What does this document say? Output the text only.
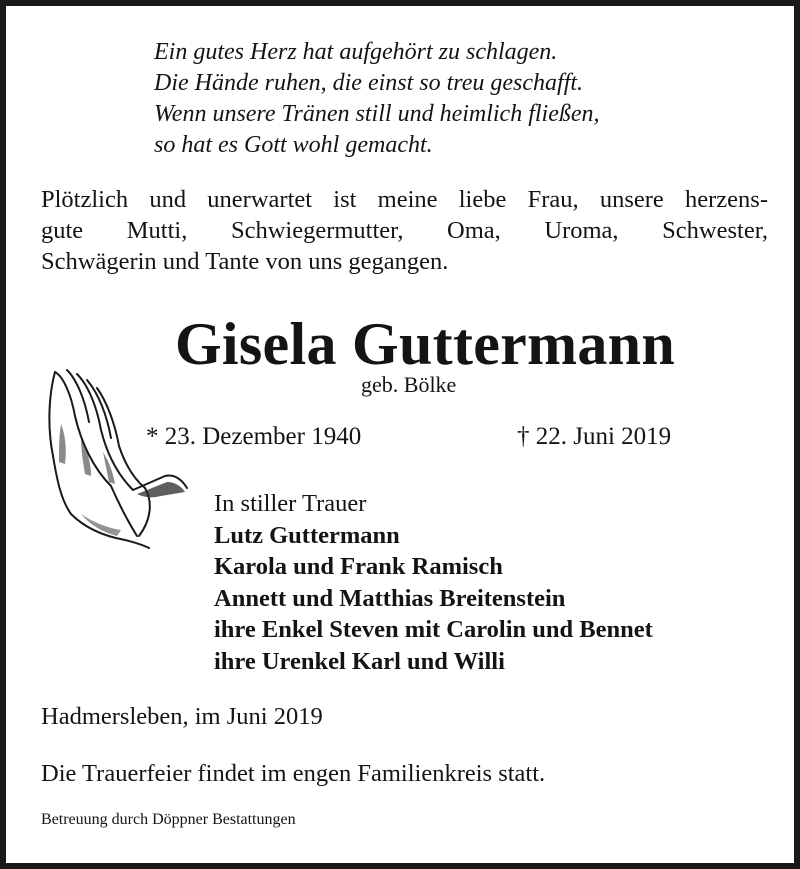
Ein gutes Herz hat aufgehört zu schlagen.
Die Hände ruhen, die einst so treu geschafft.
Wenn unsere Tränen still und heimlich fließen,
so hat es Gott wohl gemacht.
Plötzlich und unerwartet ist meine liebe Frau, unsere herzens-
gute Mutti, Schwiegermutter, Oma, Uroma, Schwester,
Schwägerin und Tante von uns gegangen.
Gisela Guttermann
geb. Bölke
* 23. Dezember 1940	† 22. Juni 2019
In stiller Trauer
Lutz Guttermann
Karola und Frank Ramisch
Annett und Matthias Breitenstein
ihre Enkel Steven mit Carolin und Bennet
ihre Urenkel Karl und Willi
Hadmersleben, im Juni 2019
Die Trauerfeier findet im engen Familienkreis statt.
Betreuung durch Döppner Bestattungen
